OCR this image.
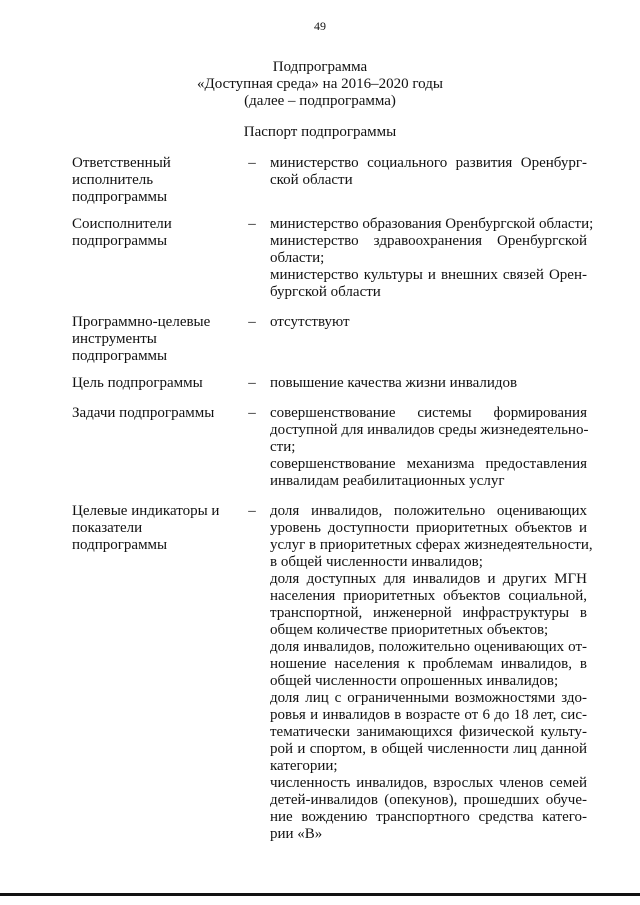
49
Подпрограмма
«Доступная среда» на 2016–2020 годы
(далее – подпрограмма)
Паспорт подпрограммы
Ответственный
исполнитель
подпрограммы
– министерство социального развития Оренбург-
ской области
Соисполнители
подпрограммы
– министерство образования Оренбургской области;
министерство здравоохранения Оренбургской
области;
министерство культуры и внешних связей Орен-
бургской области
Программно-целевые
инструменты
подпрограммы
– отсутствуют
Цель подпрограммы	– повышение качества жизни инвалидов
Задачи подпрограммы	– совершенствование системы формирования
доступной для инвалидов среды жизнедеятельно-
сти;
совершенствование механизма предоставления
инвалидам реабилитационных услуг
Целевые индикаторы и
показатели
подпрограммы
– доля инвалидов, положительно оценивающих
уровень доступности приоритетных объектов и
услуг в приоритетных сферах жизнедеятельности,
в общей численности инвалидов;
доля доступных для инвалидов и других МГН
населения приоритетных объектов социальной,
транспортной, инженерной инфраструктуры в
общем количестве приоритетных объектов;
доля инвалидов, положительно оценивающих от-
ношение населения к проблемам инвалидов, в
общей численности опрошенных инвалидов;
доля лиц с ограниченными возможностями здо-
ровья и инвалидов в возрасте от 6 до 18 лет, сис-
тематически занимающихся физической культу-
рой и спортом, в общей численности лиц данной
категории;
численность инвалидов, взрослых членов семей
детей-инвалидов (опекунов), прошедших обуче-
ние вождению транспортного средства катего-
рии «В»
